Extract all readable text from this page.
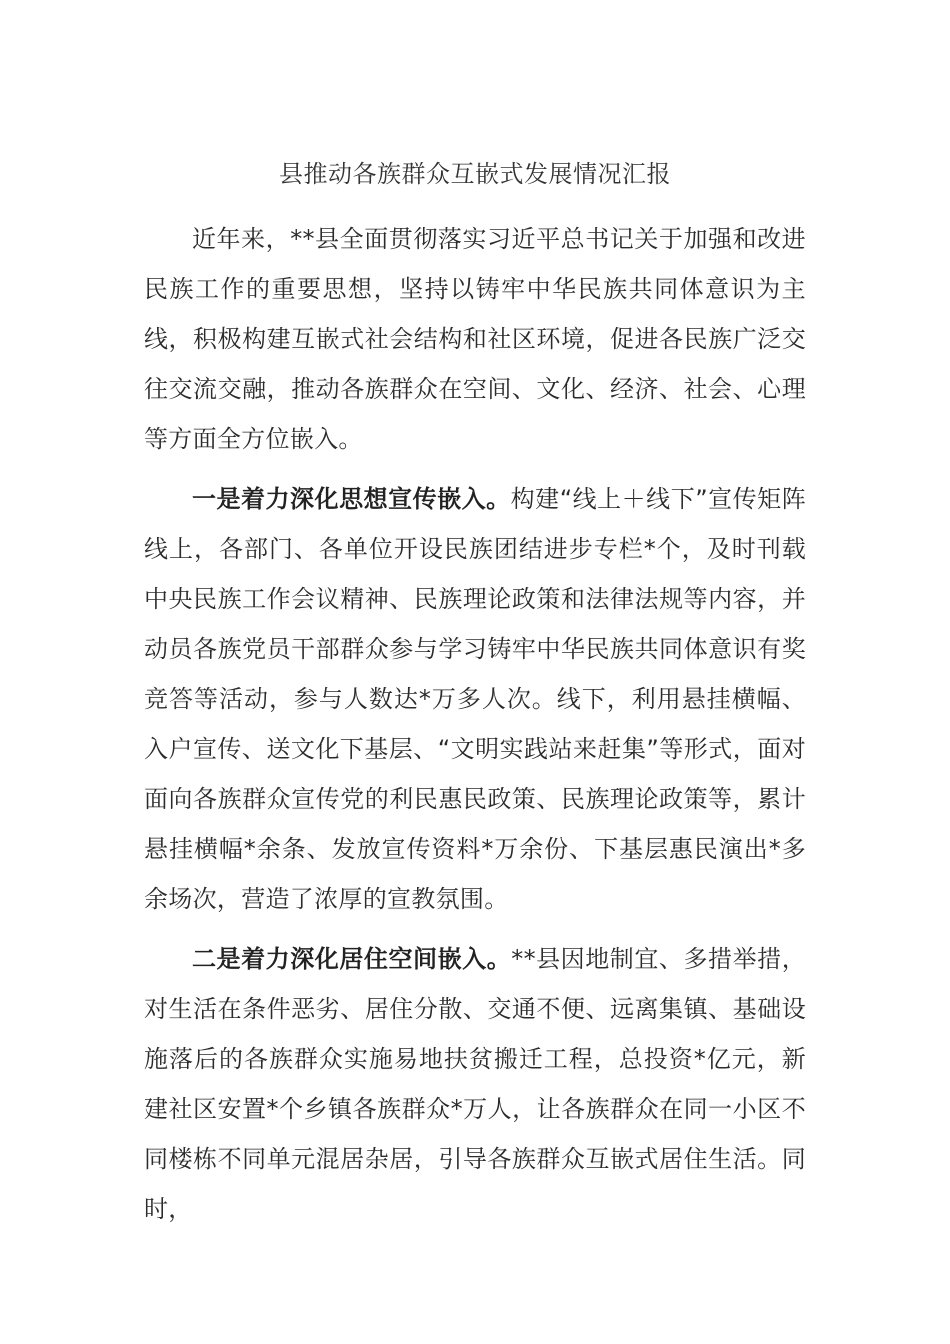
县推动各族群众互嵌式发展情况汇报

近年来，**县全面贯彻落实习近平总书记关于加强和改进民族工作的重要思想，坚持以铸牢中华民族共同体意识为主线，积极构建互嵌式社会结构和社区环境，促进各民族广泛交往交流交融，推动各族群众在空间、文化、经济、社会、心理等方面全方位嵌入。

一是着力深化思想宣传嵌入。构建“线上＋线下”宣传矩阵线上，各部门、各单位开设民族团结进步专栏*个，及时刊载中央民族工作会议精神、民族理论政策和法律法规等内容，并动员各族党员干部群众参与学习铸牢中华民族共同体意识有奖竞答等活动，参与人数达*万多人次。线下，利用悬挂横幅、入户宣传、送文化下基层、“文明实践站来赶集”等形式，面对面向各族群众宣传党的利民惠民政策、民族理论政策等，累计悬挂横幅*余条、发放宣传资料*万余份、下基层惠民演出*多余场次，营造了浓厚的宣教氛围。

二是着力深化居住空间嵌入。**县因地制宜、多措举措，对生活在条件恶劣、居住分散、交通不便、远离集镇、基础设施落后的各族群众实施易地扶贫搬迁工程，总投资*亿元，新建社区安置*个乡镇各族群众*万人，让各族群众在同一小区不同楼栋不同单元混居杂居，引导各族群众互嵌式居住生活。同时，
